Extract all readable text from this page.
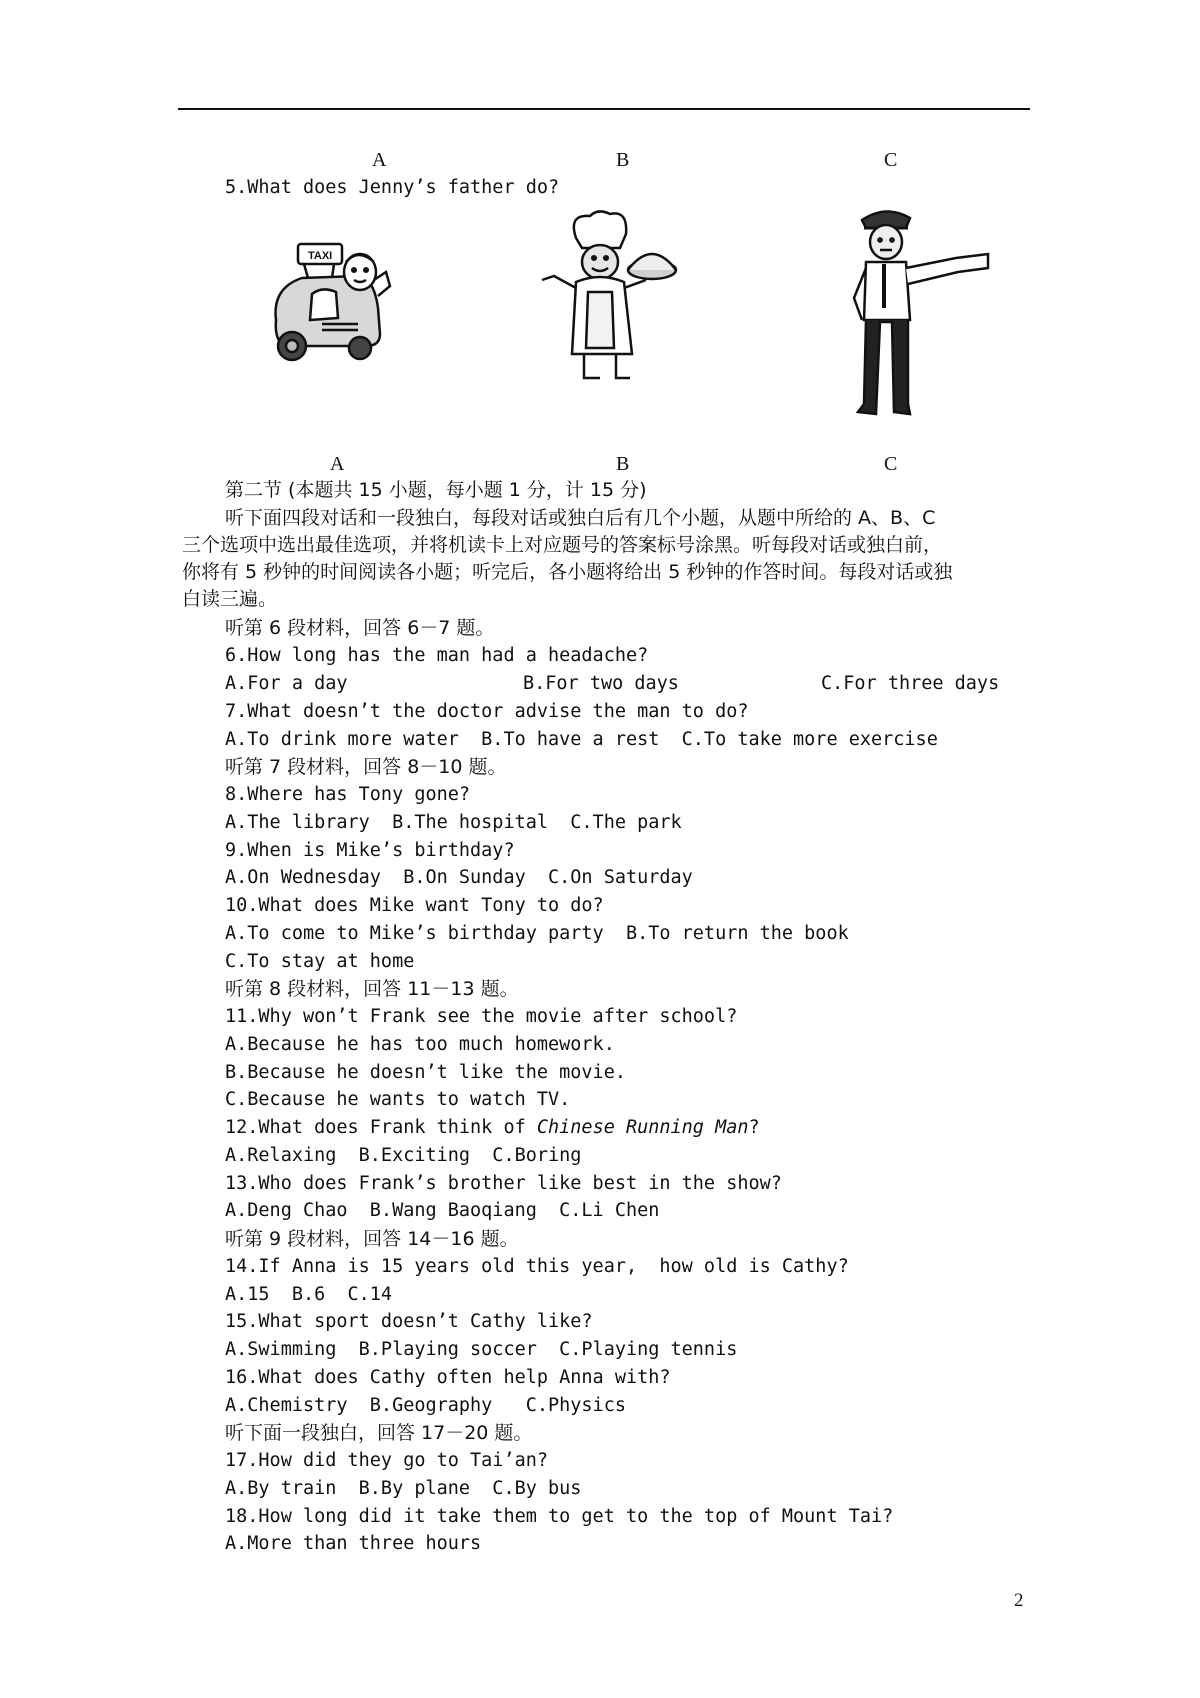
A	B	C
5.What does Jenny’s father do?
TAXI
A	B	C
第二节 (本题共 15 小题，每小题 1 分，计 15 分)
听下面四段对话和一段独白，每段对话或独白后有几个小题，从题中所给的 A、B、C
三个选项中选出最佳选项，并将机读卡上对应题号的答案标号涂黑。听每段对话或独白前，
你将有 5 秒钟的时间阅读各小题；听完后，各小题将给出 5 秒钟的作答时间。每段对话或独
白读三遍。
听第 6 段材料，回答 6－7 题。
6.How long has the man had a headache?
A.For a day	B.For two days	C.For three days
7.What doesn’t the doctor advise the man to do?
A.To drink more water  B.To have a rest  C.To take more exercise
听第 7 段材料，回答 8－10 题。
8.Where has Tony gone?
A.The library  B.The hospital  C.The park
9.When is Mike’s birthday?
A.On Wednesday  B.On Sunday  C.On Saturday
10.What does Mike want Tony to do?
A.To come to Mike’s birthday party  B.To return the book
C.To stay at home
听第 8 段材料，回答 11－13 题。
11.Why won’t Frank see the movie after school?
A.Because he has too much homework.
B.Because he doesn’t like the movie.
C.Because he wants to watch TV.
12.What does Frank think of Chinese Running Man?
A.Relaxing  B.Exciting  C.Boring
13.Who does Frank’s brother like best in the show?
A.Deng Chao  B.Wang Baoqiang  C.Li Chen
听第 9 段材料，回答 14－16 题。
14.If Anna is 15 years old this year,  how old is Cathy?
A.15  B.6  C.14
15.What sport doesn’t Cathy like?
A.Swimming  B.Playing soccer  C.Playing tennis
16.What does Cathy often help Anna with?
A.Chemistry  B.Geography   C.Physics
听下面一段独白，回答 17－20 题。
17.How did they go to Tai’an?
A.By train  B.By plane  C.By bus
18.How long did it take them to get to the top of Mount Tai?
A.More than three hours
2
